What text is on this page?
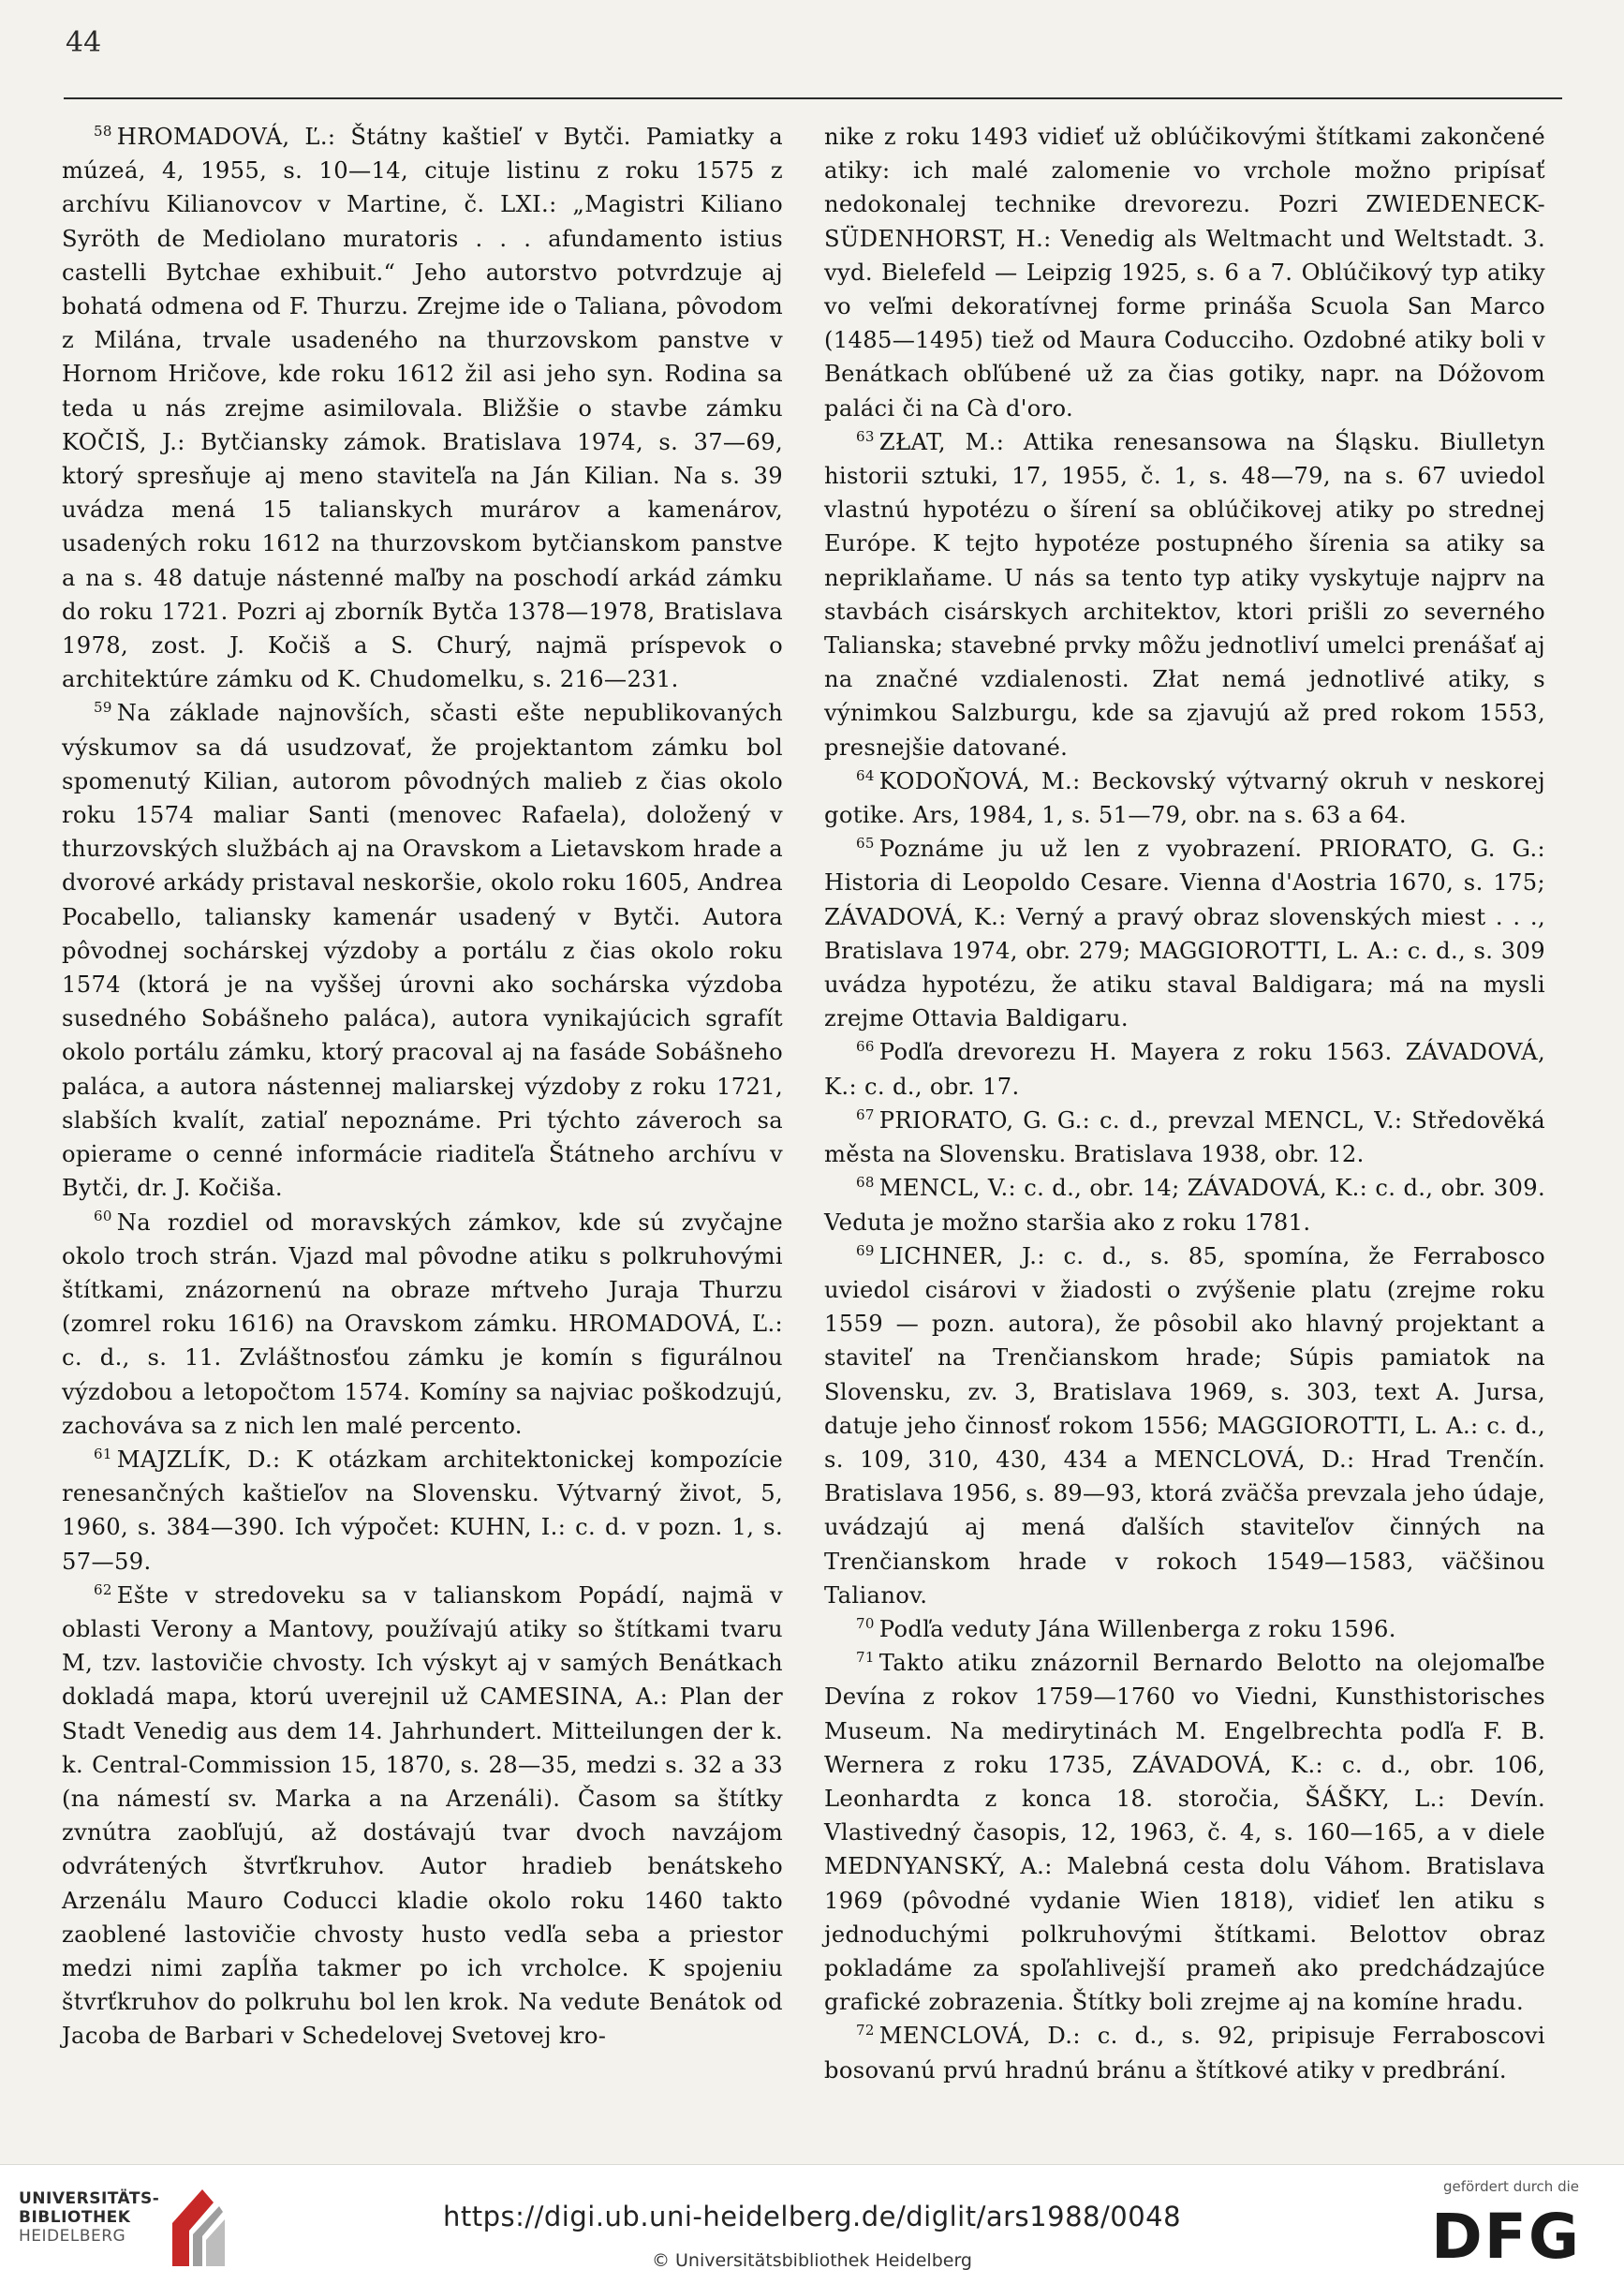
44

$^{58}$ HROMADOVÁ, Ľ.: Štátny kaštieľ v Bytči. Pamiatky a múzeá, 4, 1955, s. 10—14, cituje listinu z roku 1575 z archívu Kilianovcov v Martine, č. LXI.: „Magistri Kiliano Syröth de Mediolano muratoris . . . afundamento istius castelli Bytchae exhibuit.“ Jeho autorstvo potvrdzuje aj bohatá odmena od F. Thurzu. Zrejme ide o Taliana, pôvodom z Milána, trvale usadeného na thurzovskom panstve v Hornom Hričove, kde roku 1612 žil asi jeho syn. Rodina sa teda u nás zrejme asimilovala. Bližšie o stavbe zámku KOČIŠ, J.: Bytčiansky zámok. Bratislava 1974, s. 37—69, ktorý spresňuje aj meno staviteľa na Ján Kilian. Na s. 39 uvádza mená 15 talianskych murárov a kamenárov, usadených roku 1612 na thurzovskom bytčianskom panstve a na s. 48 datuje nástenné maľby na poschodí arkád zámku do roku 1721. Pozri aj zborník Bytča 1378—1978, Bratislava 1978, zost. J. Kočiš a S. Churý, najmä príspevok o architektúre zámku od K. Chudomelku, s. 216—231.

$^{59}$ Na základe najnovších, sčasti ešte nepublikovaných výskumov sa dá usudzovať, že projektantom zámku bol spomenutý Kilian, autorom pôvodných malieb z čias okolo roku 1574 maliar Santi (menovec Rafaela), doložený v thurzovských službách aj na Oravskom a Lietavskom hrade a dvorové arkády pristaval neskoršie, okolo roku 1605, Andrea Pocabello, taliansky kamenár usadený v Bytči. Autora pôvodnej sochárskej výzdoby a portálu z čias okolo roku 1574 (ktorá je na vyššej úrovni ako sochárska výzdoba susedného Sobášneho paláca), autora vynikajúcich sgrafít okolo portálu zámku, ktorý pracoval aj na fasáde Sobášneho paláca, a autora nástennej maliarskej výzdoby z roku 1721, slabších kvalít, zatiaľ nepoznáme. Pri týchto záveroch sa opierame o cenné informácie riaditeľa Štátneho archívu v Bytči, dr. J. Kočiša.

$^{60}$ Na rozdiel od moravských zámkov, kde sú zvyčajne okolo troch strán. Vjazd mal pôvodne atiku s polkruhovými štítkami, znázornenú na obraze mŕtveho Juraja Thurzu (zomrel roku 1616) na Oravskom zámku. HROMADOVÁ, Ľ.: c. d., s. 11. Zvláštnosťou zámku je komín s figurálnou výzdobou a letopočtom 1574. Komíny sa najviac poškodzujú, zachováva sa z nich len malé percento.

$^{61}$ MAJZLÍK, D.: K otázkam architektonickej kompozície renesančných kaštieľov na Slovensku. Výtvarný život, 5, 1960, s. 384—390. Ich výpočet: KUHN, I.: c. d. v pozn. 1, s. 57—59.

$^{62}$ Ešte v stredoveku sa v talianskom Popádí, najmä v oblasti Verony a Mantovy, používajú atiky so štítkami tvaru M, tzv. lastovičie chvosty. Ich výskyt aj v samých Benátkach dokladá mapa, ktorú uverejnil už CAMESINA, A.: Plan der Stadt Venedig aus dem 14. Jahrhundert. Mitteilungen der k. k. Central-Commission 15, 1870, s. 28—35, medzi s. 32 a 33 (na námestí sv. Marka a na Arzenáli). Časom sa štítky zvnútra zaobľujú, až dostávajú tvar dvoch navzájom odvrátených štvrťkruhov. Autor hradieb benátskeho Arzenálu Mauro Coducci kladie okolo roku 1460 takto zaoblené lastovičie chvosty husto vedľa seba a priestor medzi nimi zapĺňa takmer po ich vrcholce. K spojeniu štvrťkruhov do polkruhu bol len krok. Na vedute Benátok od Jacoba de Barbari v Schedelovej Svetovej kro-

nike z roku 1493 vidieť už oblúčikovými štítkami zakončené atiky: ich malé zalomenie vo vrchole možno pripísať nedokonalej technike drevorezu. Pozri ZWIEDENECK-SÜDENHORST, H.: Venedig als Weltmacht und Weltstadt. 3. vyd. Bielefeld — Leipzig 1925, s. 6 a 7. Oblúčikový typ atiky vo veľmi dekoratívnej forme prináša Scuola San Marco (1485—1495) tiež od Maura Coducciho. Ozdobné atiky boli v Benátkach obľúbené už za čias gotiky, napr. na Dóžovom paláci či na Cà d'oro.

$^{63}$ ZŁAT, M.: Attika renesansowa na Śląsku. Biulletyn historii sztuki, 17, 1955, č. 1, s. 48—79, na s. 67 uviedol vlastnú hypotézu o šírení sa oblúčikovej atiky po strednej Európe. K tejto hypotéze postupného šírenia sa atiky sa nepriklaňame. U nás sa tento typ atiky vyskytuje najprv na stavbách cisárskych architektov, ktori prišli zo severného Talianska; stavebné prvky môžu jednotliví umelci prenášať aj na značné vzdialenosti. Złat nemá jednotlivé atiky, s výnimkou Salzburgu, kde sa zjavujú až pred rokom 1553, presnejšie datované.

$^{64}$ KODOŇOVÁ, M.: Beckovský výtvarný okruh v neskorej gotike. Ars, 1984, 1, s. 51—79, obr. na s. 63 a 64.

$^{65}$ Poznáme ju už len z vyobrazení. PRIORATO, G. G.: Historia di Leopoldo Cesare. Vienna d'Aostria 1670, s. 175; ZÁVADOVÁ, K.: Verný a pravý obraz slovenských miest . . ., Bratislava 1974, obr. 279; MAGGIOROTTI, L. A.: c. d., s. 309 uvádza hypotézu, že atiku staval Baldigara; má na mysli zrejme Ottavia Baldigaru.

$^{66}$ Podľa drevorezu H. Mayera z roku 1563. ZÁVADOVÁ, K.: c. d., obr. 17.

$^{67}$ PRIORATO, G. G.: c. d., prevzal MENCL, V.: Středověká města na Slovensku. Bratislava 1938, obr. 12.

$^{68}$ MENCL, V.: c. d., obr. 14; ZÁVADOVÁ, K.: c. d., obr. 309. Veduta je možno staršia ako z roku 1781.

$^{69}$ LICHNER, J.: c. d., s. 85, spomína, že Ferrabosco uviedol cisárovi v žiadosti o zvýšenie platu (zrejme roku 1559 — pozn. autora), že pôsobil ako hlavný projektant a staviteľ na Trenčianskom hrade; Súpis pamiatok na Slovensku, zv. 3, Bratislava 1969, s. 303, text A. Jursa, datuje jeho činnosť rokom 1556; MAGGIOROTTI, L. A.: c. d., s. 109, 310, 430, 434 a MENCLOVÁ, D.: Hrad Trenčín. Bratislava 1956, s. 89—93, ktorá zväčša prevzala jeho údaje, uvádzajú aj mená ďalších staviteľov činných na Trenčianskom hrade v rokoch 1549—1583, väčšinou Talianov.

$^{70}$ Podľa veduty Jána Willenberga z roku 1596.

$^{71}$ Takto atiku znázornil Bernardo Belotto na olejomaľbe Devína z rokov 1759—1760 vo Viedni, Kunsthistorisches Museum. Na medirytinách M. Engelbrechta podľa F. B. Wernera z roku 1735, ZÁVADOVÁ, K.: c. d., obr. 106, Leonhardta z konca 18. storočia, ŠÁŠKY, L.: Devín. Vlastivedný časopis, 12, 1963, č. 4, s. 160—165, a v diele MEDNYANSKÝ, A.: Malebná cesta dolu Váhom. Bratislava 1969 (pôvodné vydanie Wien 1818), vidieť len atiku s jednoduchými polkruhovými štítkami. Belottov obraz pokladáme za spoľahlivejší prameň ako predchádzajúce grafické zobrazenia. Štítky boli zrejme aj na komíne hradu.

$^{72}$ MENCLOVÁ, D.: c. d., s. 92, pripisuje Ferraboscovi bosovanú prvú hradnú bránu a štítkové atiky v predbrání.

UNIVERSITÄTS-
BIBLIOTHEK
HEIDELBERG
https://digi.ub.uni-heidelberg.de/diglit/ars1988/0048
© Universitätsbibliothek Heidelberg
gefördert durch die
DFG
